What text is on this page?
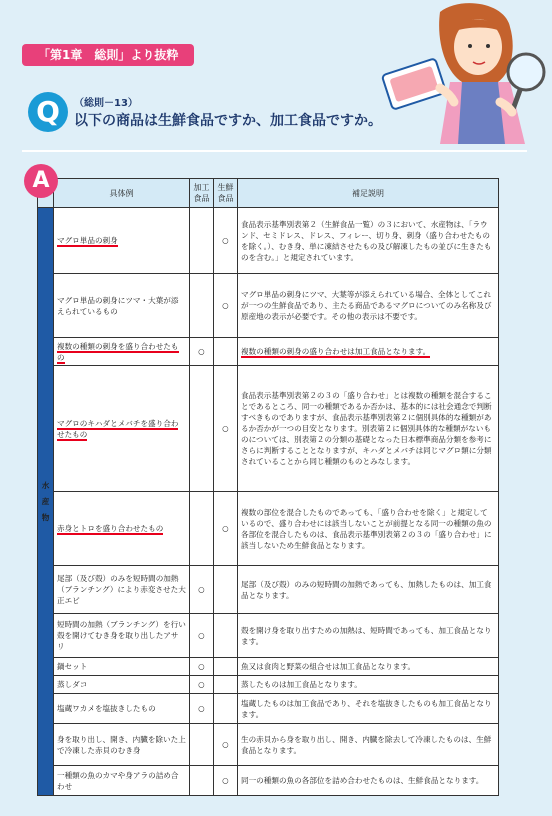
「第1章　総則」より抜粋
Q	（総則－13）
以下の商品は生鮮食品ですか、加工食品ですか。
A
		具体例	加工食品	生鮮食品	補足説明

水
産
物	マグロ単品の刺身		○	食品表示基準別表第２（生鮮食品一覧）の３において、水産物は、「ラウンド、セミドレス、ドレス、フィレー、切り身、刺身（盛り合わせたものを除く。）、むき身、単に凍結させたもの及び解凍したもの並びに生きたものを含む。」と規定されています。
	マグロ単品の刺身にツマ・大葉が添えられているもの		○	マグロ単品の刺身にツマ、大葉等が添えられている場合、全体としてこれが一つの生鮮食品であり、主たる商品であるマグロについてのみ名称及び原産地の表示が必要です。その他の表示は不要です。
	複数の種類の刺身を盛り合わせたもの	○		複数の種類の刺身の盛り合わせは加工食品となります。
	マグロのキハダとメバチを盛り合わせたもの		○	食品表示基準別表第２の３の「盛り合わせ」とは複数の種類を混合することであるところ、同一の種類であるか否かは、基本的には社会通念で判断すべきものでありますが、食品表示基準別表第２に個別具体的な種類があるか否かが一つの目安となります。別表第２に個別具体的な種類がないものについては、別表第２の分類の基礎となった日本標準商品分類を参考にさらに判断することとなりますが、キハダとメバチは同じマグロ類に分類されていることから同じ種類のものとみなします。
	赤身とトロを盛り合わせたもの		○	複数の部位を混合したものであっても、「盛り合わせを除く」と規定しているので、盛り合わせには該当しないことが前提となる同一の種類の魚の各部位を混合したものは、食品表示基準別表第２の３の「盛り合わせ」に該当しないため生鮮食品となります。
	尾部（及び殻）のみを短時間の加熱（ブランチング）により赤変させた大正エビ	○		尾部（及び殻）のみの短時間の加熱であっても、加熱したものは、加工食品となります。
	短時間の加熱（ブランチング）を行い殻を開けてむき身を取り出したアサリ	○		殻を開け身を取り出すための加熱は、短時間であっても、加工食品となります。
	鍋セット	○		魚又は食肉と野菜の組合せは加工食品となります。
	蒸しダコ	○		蒸したものは加工食品となります。
	塩蔵ワカメを塩抜きしたもの	○		塩蔵したものは加工食品であり、それを塩抜きしたものも加工食品となります。
	身を取り出し、開き、内臓を除いた上で冷凍した赤貝のむき身		○	生の赤貝から身を取り出し、開き、内臓を除去して冷凍したものは、生鮮食品となります。
	一種類の魚のカマや身アラの詰め合わせ		○	同一の種類の魚の各部位を詰め合わせたものは、生鮮食品となります。
